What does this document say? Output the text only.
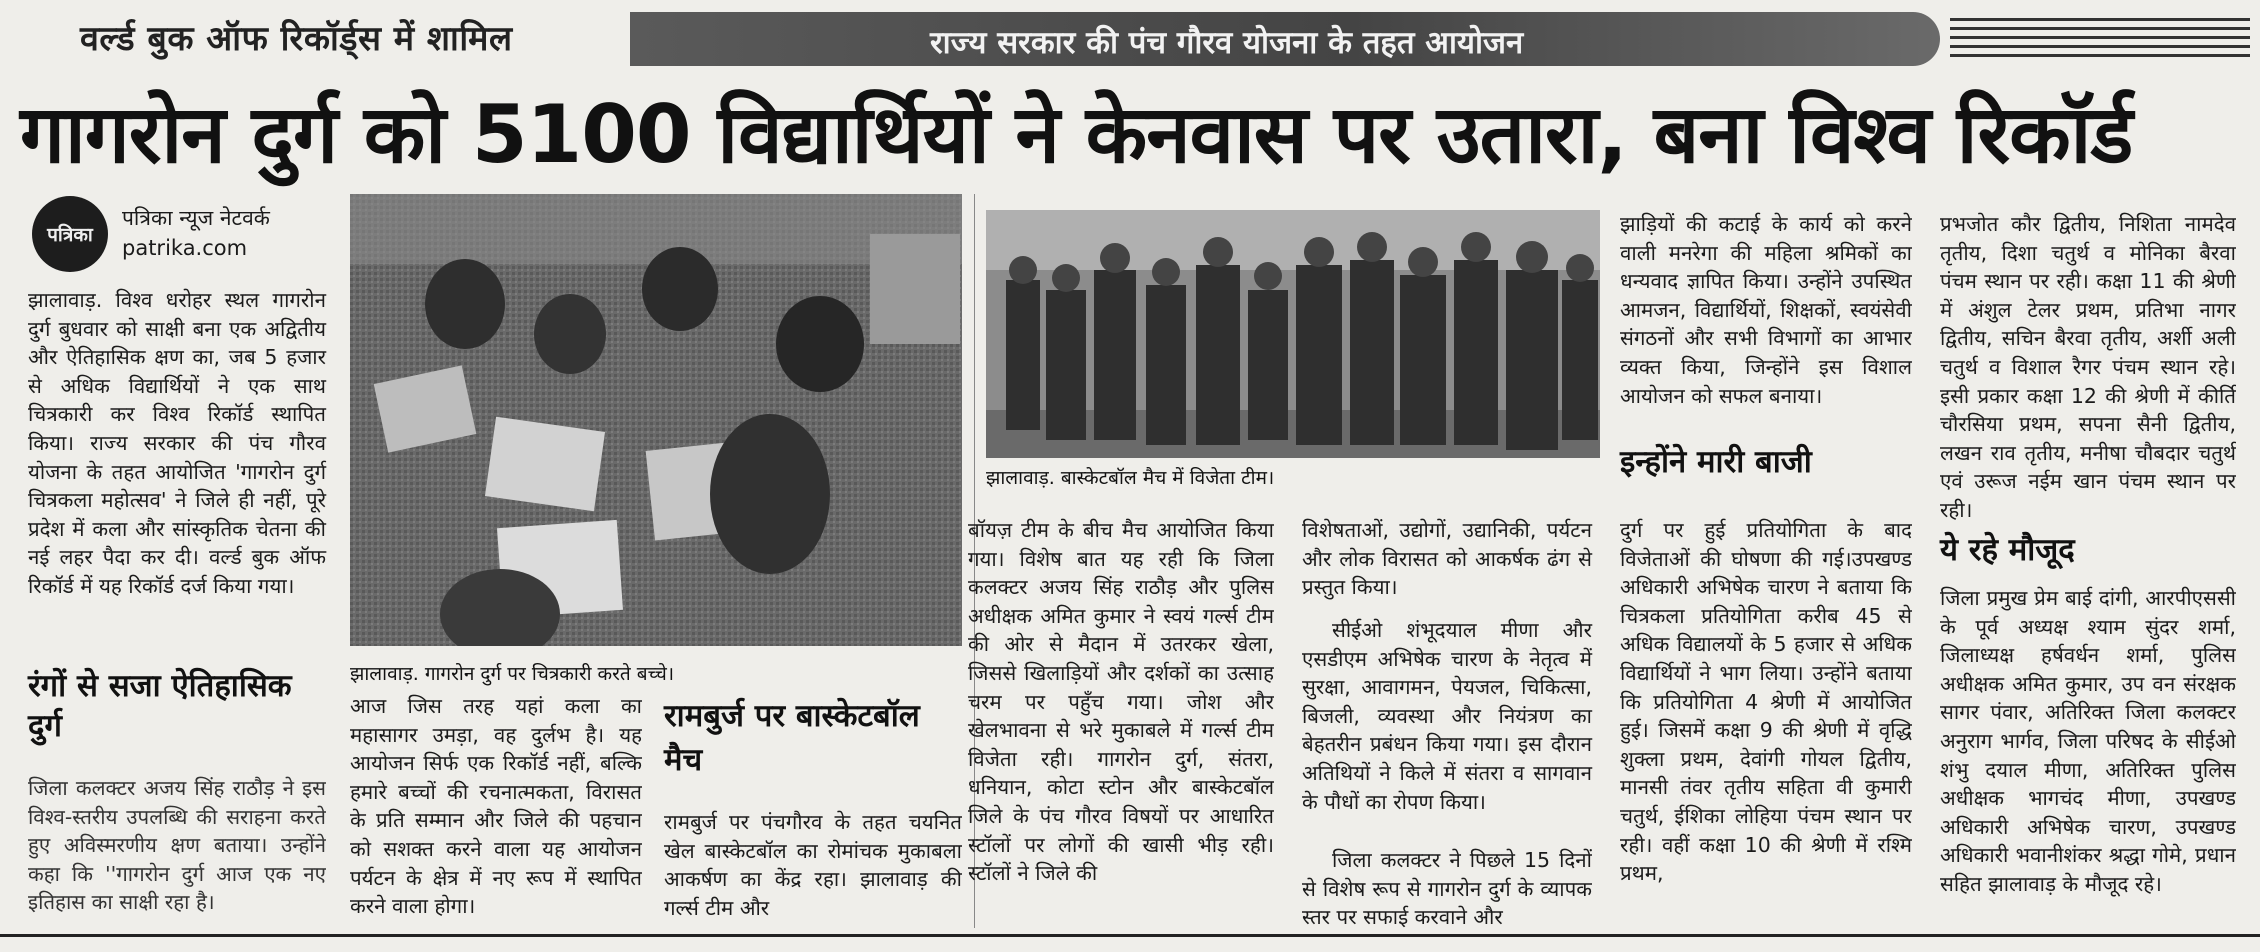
वर्ल्ड बुक ऑफ रिकॉर्ड्स में शामिल	राज्य सरकार की पंच गौरव योजना के तहत आयोजन
गागरोन दुर्ग को 5100 विद्यार्थियों ने केनवास पर उतारा, बना विश्व रिकॉर्ड
पत्रिका
पत्रिका न्यूज नेटवर्क
patrika.com
झालावाड़. विश्व धरोहर स्थल गागरोन दुर्ग बुधवार को साक्षी बना एक अद्वितीय और ऐतिहासिक क्षण का, जब 5 हजार से अधिक विद्यार्थियों ने एक साथ चित्रकारी कर विश्व रिकॉर्ड स्थापित किया। राज्य सरकार की पंच गौरव योजना के तहत आयोजित 'गागरोन दुर्ग चित्रकला महोत्सव' ने जिले ही नहीं, पूरे प्रदेश में कला और सांस्कृतिक चेतना की नई लहर पैदा कर दी। वर्ल्ड बुक ऑफ रिकॉर्ड में यह रिकॉर्ड दर्ज किया गया।
रंगों से सजा ऐतिहासिक दुर्ग
जिला कलक्टर अजय सिंह राठौड़ ने इस विश्व-स्तरीय उपलब्धि की सराहना करते हुए अविस्मरणीय क्षण बताया। उन्होंने कहा कि ''गागरोन दुर्ग आज एक नए इतिहास का साक्षी रहा है।
झालावाड़. गागरोन दुर्ग पर चित्रकारी करते बच्चे।
आज जिस तरह यहां कला का महासागर उमड़ा, वह दुर्लभ है। यह आयोजन सिर्फ एक रिकॉर्ड नहीं, बल्कि हमारे बच्चों की रचनात्मकता, विरासत के प्रति सम्मान और जिले की पहचान को सशक्त करने वाला यह आयोजन पर्यटन के क्षेत्र में नए रूप में स्थापित करने वाला होगा।
रामबुर्ज पर बास्केटबॉल मैच
रामबुर्ज पर पंचगौरव के तहत चयनित खेल बास्केटबॉल का रोमांचक मुकाबला आकर्षण का केंद्र रहा। झालावाड़ की गर्ल्स टीम और
झालावाड़. बास्केटबॉल मैच में विजेता टीम।
बॉयज़ टीम के बीच मैच आयोजित किया गया। विशेष बात यह रही कि जिला कलक्टर अजय सिंह राठौड़ और पुलिस अधीक्षक अमित कुमार ने स्वयं गर्ल्स टीम की ओर से मैदान में उतरकर खेला, जिससे खिलाड़ियों और दर्शकों का उत्साह चरम पर पहुँच गया। जोश और खेलभावना से भरे मुकाबले में गर्ल्स टीम विजेता रही। गागरोन दुर्ग, संतरा, धनियान, कोटा स्टोन और बास्केटबॉल जिले के पंच गौरव विषयों पर आधारित स्टॉलों पर लोगों की खासी भीड़ रही। स्टॉलों ने जिले की
विशेषताओं, उद्योगों, उद्यानिकी, पर्यटन और लोक विरासत को आकर्षक ढंग से प्रस्तुत किया।
सीईओ शंभूदयाल मीणा और एसडीएम अभिषेक चारण के नेतृत्व में सुरक्षा, आवागमन, पेयजल, चिकित्सा, बिजली, व्यवस्था और नियंत्रण का बेहतरीन प्रबंधन किया गया। इस दौरान अतिथियों ने किले में संतरा व सागवान के पौधों का रोपण किया।
जिला कलक्टर ने पिछले 15 दिनों से विशेष रूप से गागरोन दुर्ग के व्यापक स्तर पर सफाई करवाने और
झाड़ियों की कटाई के कार्य को करने वाली मनरेगा की महिला श्रमिकों का धन्यवाद ज्ञापित किया। उन्होंने उपस्थित आमजन, विद्यार्थियों, शिक्षकों, स्वयंसेवी संगठनों और सभी विभागों का आभार व्यक्त किया, जिन्होंने इस विशाल आयोजन को सफल बनाया।
इन्होंने मारी बाजी
दुर्ग पर हुई प्रतियोगिता के बाद विजेताओं की घोषणा की गई।उपखण्ड अधिकारी अभिषेक चारण ने बताया कि चित्रकला प्रतियोगिता करीब 45 से अधिक विद्यालयों के 5 हजार से अधिक विद्यार्थियों ने भाग लिया। उन्होंने बताया कि प्रतियोगिता 4 श्रेणी में आयोजित हुई। जिसमें कक्षा 9 की श्रेणी में वृद्धि शुक्ला प्रथम, देवांगी गोयल द्वितीय, मानसी तंवर तृतीय सहिता वी कुमारी चतुर्थ, ईशिका लोहिया पंचम स्थान पर रही। वहीं कक्षा 10 की श्रेणी में रश्मि प्रथम,
प्रभजोत कौर द्वितीय, निशिता नामदेव तृतीय, दिशा चतुर्थ व मोनिका बैरवा पंचम स्थान पर रही। कक्षा 11 की श्रेणी में अंशुल टेलर प्रथम, प्रतिभा नागर द्वितीय, सचिन बैरवा तृतीय, अर्शी अली चतुर्थ व विशाल रैगर पंचम स्थान रहे। इसी प्रकार कक्षा 12 की श्रेणी में कीर्ति चौरसिया प्रथम, सपना सैनी द्वितीय, लखन राव तृतीय, मनीषा चौबदार चतुर्थ एवं उरूज नईम खान पंचम स्थान पर रही।
ये रहे मौजूद
जिला प्रमुख प्रेम बाई दांगी, आरपीएससी के पूर्व अध्यक्ष श्याम सुंदर शर्मा, जिलाध्यक्ष हर्षवर्धन शर्मा, पुलिस अधीक्षक अमित कुमार, उप वन संरक्षक सागर पंवार, अतिरिक्त जिला कलक्टर अनुराग भार्गव, जिला परिषद के सीईओ शंभु दयाल मीणा, अतिरिक्त पुलिस अधीक्षक भागचंद मीणा, उपखण्ड अधिकारी अभिषेक चारण, उपखण्ड अधिकारी भवानीशंकर श्रद्धा गोमे, प्रधान सहित झालावाड़ के मौजूद रहे।
